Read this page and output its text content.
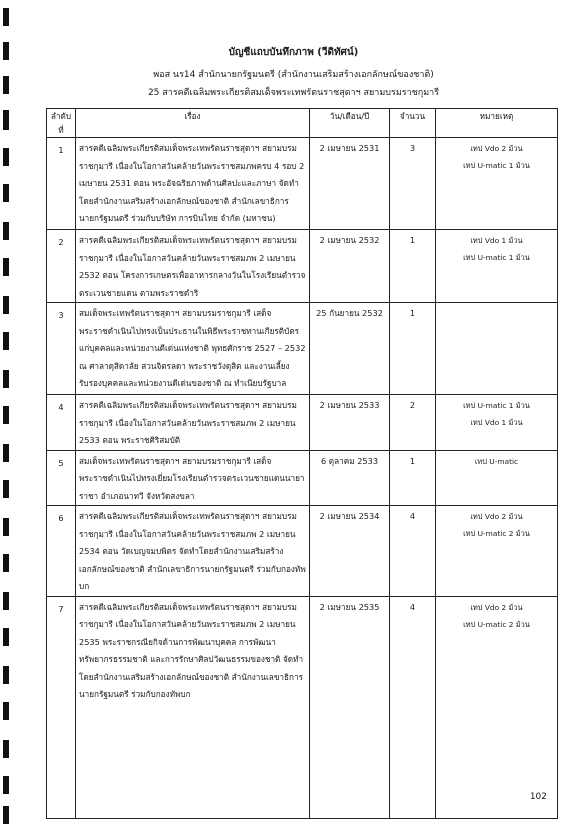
บัญชีแถบบันทึกภาพ (วีดิทัศน์)
พอส นร14 สำนักนายกรัฐมนตรี (สำนักงานเสริมสร้างเอกลักษณ์ของชาติ)
25 สารคดีเฉลิมพระเกียรติสมเด็จพระเทพรัตนราชสุดาฯ สยามบรมราชกุมารี
ลำดับที่	เรื่อง	วัน/เดือน/ปี	จำนวน	หมายเหตุ
1	สารคดีเฉลิมพระเกียรติสมเด็จพระเทพรัตนราชสุดาฯ สยามบรมราชกุมารี เนื่องในโอกาสวันคล้ายวันพระราชสมภพครบ 4 รอบ 2 เมษายน 2531 ตอน พระอัจฉริยภาพด้านศิลปะและภาษา จัดทำโดยสำนักงานเสริมสร้างเอกลักษณ์ของชาติ สำนักเลขาธิการนายกรัฐมนตรี ร่วมกับบริษัท การบินไทย จำกัด (มหาชน)	2 เมษายน 2531	3	เทป Vdo 2 ม้วน
เทป U-matic 1 ม้วน

2	สารคดีเฉลิมพระเกียรติสมเด็จพระเทพรัตนราชสุดาฯ สยามบรมราชกุมารี เนื่องในโอกาสวันคล้ายวันพระราชสมภพ 2 เมษายน 2532 ตอน โครงการเกษตรเพื่ออาหารกลางวันในโรงเรียนตำรวจตระเวนชายแดน ตามพระราชดำริ	2 เมษายน 2532	1	เทป Vdo 1 ม้วน
เทป U-matic 1 ม้วน

3	สมเด็จพระเทพรัตนราชสุดาฯ สยามบรมราชกุมารี เสด็จพระราชดำเนินไปทรงเป็นประธานในพิธีพระราชทานเกียรติบัตรแก่บุคคลและหน่วยงานดีเด่นแห่งชาติ พุทธศักราช 2527 – 2532 ณ ศาลาดุสิดาลัย สวนจิตรลดา พระราชวังดุสิต และงานเลี้ยงรับรองบุคคลและหน่วยงานดีเด่นของชาติ ณ ทำเนียบรัฐบาล	25 กันยายน 2532	1	
4	สารคดีเฉลิมพระเกียรติสมเด็จพระเทพรัตนราชสุดาฯ สยามบรมราชกุมารี เนื่องในโอกาสวันคล้ายวันพระราชสมภพ 2 เมษายน 2533 ตอน พระราชศิริสมบัติ	2 เมษายน 2533	2	เทป U-matic 1 ม้วน
เทป Vdo 1 ม้วน

5	สมเด็จพระเทพรัตนราชสุดาฯ สยามบรมราชกุมารี เสด็จพระราชดำเนินไปทรงเยี่ยมโรงเรียนตำรวจตระเวนชายแดนนายาราชา อำเภอนาทวี จังหวัดสงขลา	6 ตุลาคม 2533	1	เทป U-matic

6	สารคดีเฉลิมพระเกียรติสมเด็จพระเทพรัตนราชสุดาฯ สยามบรมราชกุมารี เนื่องในโอกาสวันคล้ายวันพระราชสมภพ 2 เมษายน 2534 ตอน วัดเบญจมบพิตร จัดทำโดยสำนักงานเสริมสร้างเอกลักษณ์ของชาติ สำนักเลขาธิการนายกรัฐมนตรี ร่วมกับกองทัพบก	2 เมษายน 2534	4	เทป Vdo 2 ม้วน
เทป U-matic 2 ม้วน

7	สารคดีเฉลิมพระเกียรติสมเด็จพระเทพรัตนราชสุดาฯ สยามบรมราชกุมารี เนื่องในโอกาสวันคล้ายวันพระราชสมภพ 2 เมษายน 2535 พระราชกรณียกิจด้านการพัฒนาบุคคล การพัฒนาทรัพยากรธรรมชาติ และการรักษาศิลปวัฒนธรรมของชาติ จัดทำโดยสำนักงานเสริมสร้างเอกลักษณ์ของชาติ สำนักงานเลขาธิการนายกรัฐมนตรี ร่วมกับกองทัพบก	2 เมษายน 2535	4	เทป Vdo 2 ม้วน
เทป U-matic 2 ม้วน
102
